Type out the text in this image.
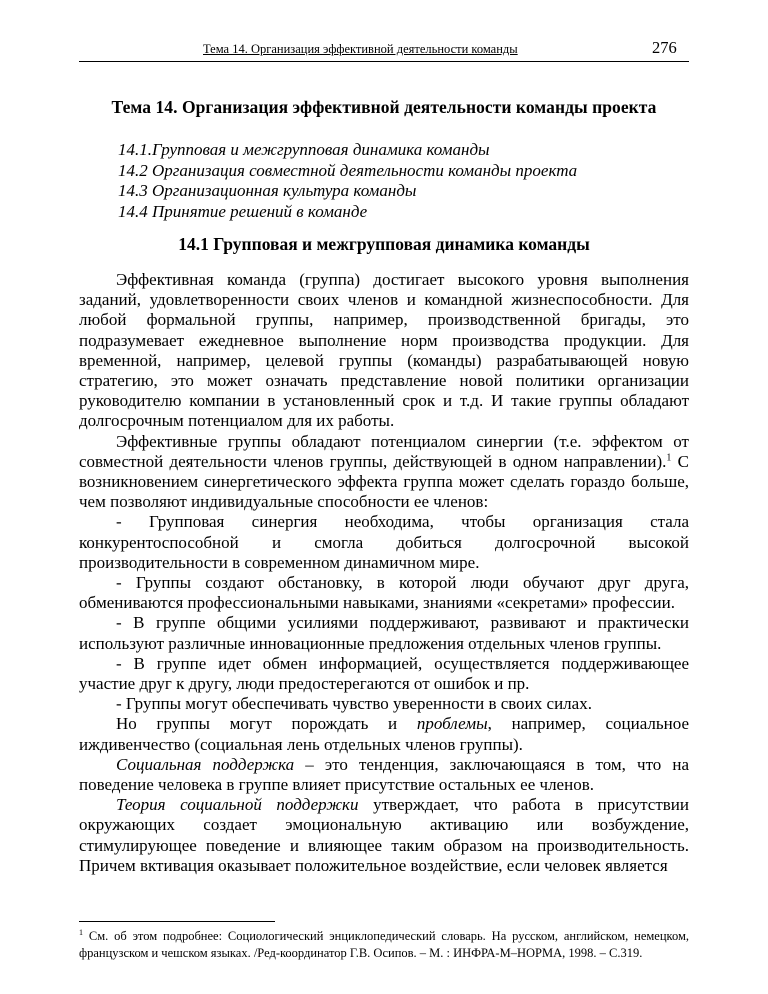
Тема 14. Организация эффективной деятельности команды	276
Тема 14. Организация эффективной деятельности команды проекта
14.1.Групповая и межгрупповая динамика команды
14.2 Организация совместной деятельности команды проекта
14.3 Организационная культура команды
14.4 Принятие решений в команде
14.1 Групповая и межгрупповая динамика команды

Эффективная команда (группа) достигает высокого уровня выполнения заданий, удовлетворенности своих членов и командной жизнеспособности. Для любой формальной группы, например, производственной бригады, это подразумевает ежедневное выполнение норм производства продукции. Для временной, например, целевой группы (команды) разрабатывающей новую стратегию, это может означать представление новой политики организации руководителю компании в установленный срок и т.д. И такие группы обладают долгосрочным потенциалом для их работы.

Эффективные группы обладают потенциалом синергии (т.е. эффектом от совместной деятельности членов группы, действующей в одном направлении).$^1$ С возникновением синергетического эффекта группа может сделать гораздо больше, чем позволяют индивидуальные способности ее членов:

- Групповая синергия необходима, чтобы организация стала конкурентоспособной и смогла добиться долгосрочной высокой производительности в современном динамичном мире.

- Группы создают обстановку, в которой люди обучают друг друга, обмениваются профессиональными навыками, знаниями «секретами» профессии.

- В группе общими усилиями поддерживают, развивают и практически используют различные инновационные предложения отдельных членов группы.

- В группе идет обмен информацией, осуществляется поддерживающее участие друг к другу, люди предостерегаются от ошибок и пр.

- Группы могут обеспечивать чувство уверенности в своих силах.

Но группы могут порождать и проблемы, например, социальное иждивенчество (социальная лень отдельных членов группы).

Социальная поддержка – это тенденция, заключающаяся в том, что на поведение человека в группе влияет присутствие остальных ее членов.

Теория социальной поддержки утверждает, что работа в присутствии окружающих создает эмоциональную активацию или возбуждение, стимулирующее поведение и влияющее таким образом на производительность. Причем вктивация оказывает положительное воздействие, если человек является

$^1$ См. об этом подробнее: Социологический энциклопедический словарь. На русском, английском, немецком, французском и чешском языках. /Ред-координатор Г.В. Осипов. – М. : ИНФРА-М–НОРМА, 1998. – С.319.
